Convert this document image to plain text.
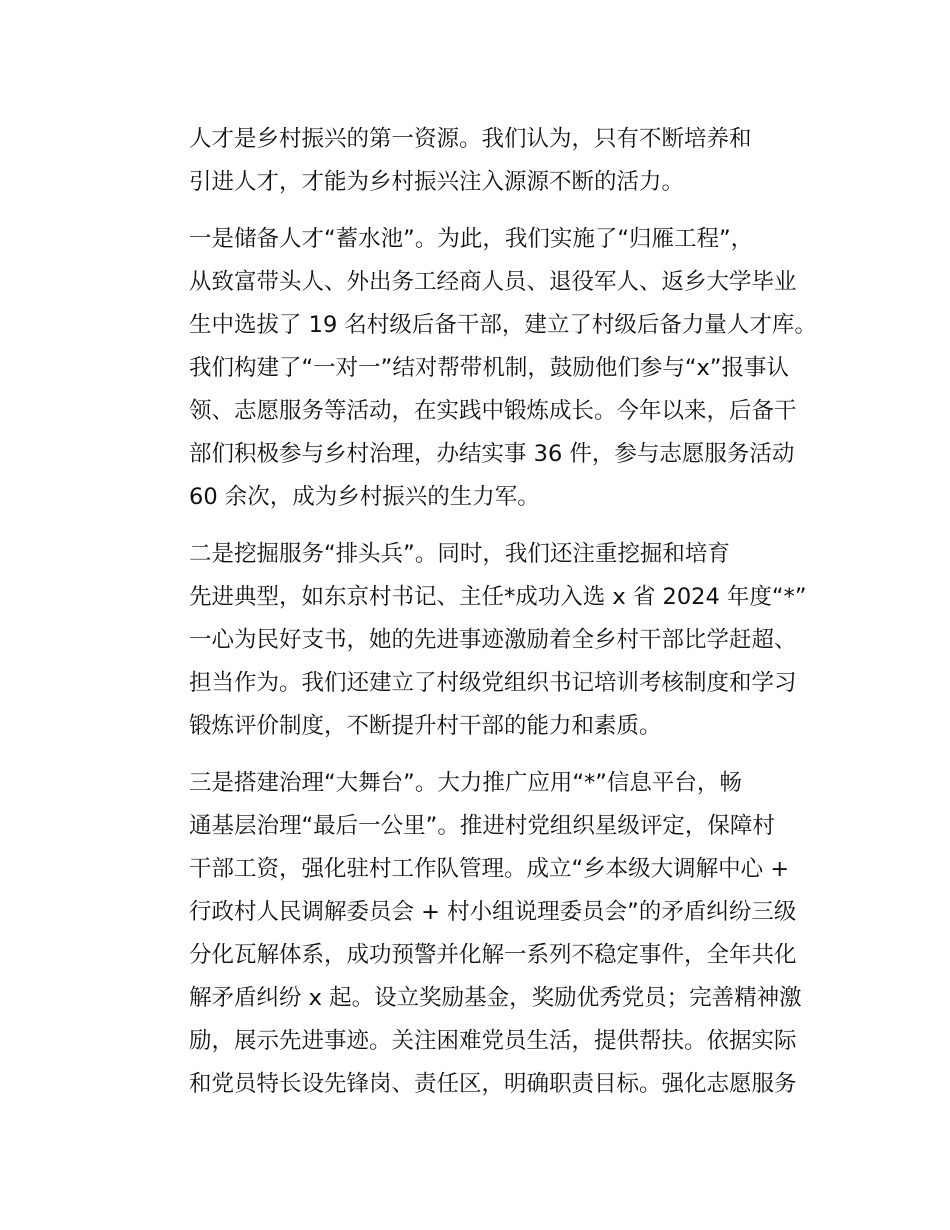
人才是乡村振兴的第一资源。我们认为，只有不断培养和
引进人才，才能为乡村振兴注入源源不断的活力。

一是储备人才“蓄水池”。为此，我们实施了“归雁工程”，
从致富带头人、外出务工经商人员、退役军人、返乡大学毕业
生中选拔了 19 名村级后备干部，建立了村级后备力量人才库。
我们构建了“一对一”结对帮带机制，鼓励他们参与“x”报事认
领、志愿服务等活动，在实践中锻炼成长。今年以来，后备干
部们积极参与乡村治理，办结实事 36 件，参与志愿服务活动
60 余次，成为乡村振兴的生力军。

二是挖掘服务“排头兵”。同时，我们还注重挖掘和培育
先进典型，如东京村书记、主任*成功入选 x 省 2024 年度“*”
一心为民好支书，她的先进事迹激励着全乡村干部比学赶超、
担当作为。我们还建立了村级党组织书记培训考核制度和学习
锻炼评价制度，不断提升村干部的能力和素质。

三是搭建治理“大舞台”。大力推广应用“*”信息平台，畅
通基层治理“最后一公里”。推进村党组织星级评定，保障村
干部工资，强化驻村工作队管理。成立“乡本级大调解中心 +
行政村人民调解委员会 + 村小组说理委员会”的矛盾纠纷三级
分化瓦解体系，成功预警并化解一系列不稳定事件，全年共化
解矛盾纠纷 x 起。设立奖励基金，奖励优秀党员；完善精神激
励，展示先进事迹。关注困难党员生活，提供帮扶。依据实际
和党员特长设先锋岗、责任区，明确职责目标。强化志愿服务
